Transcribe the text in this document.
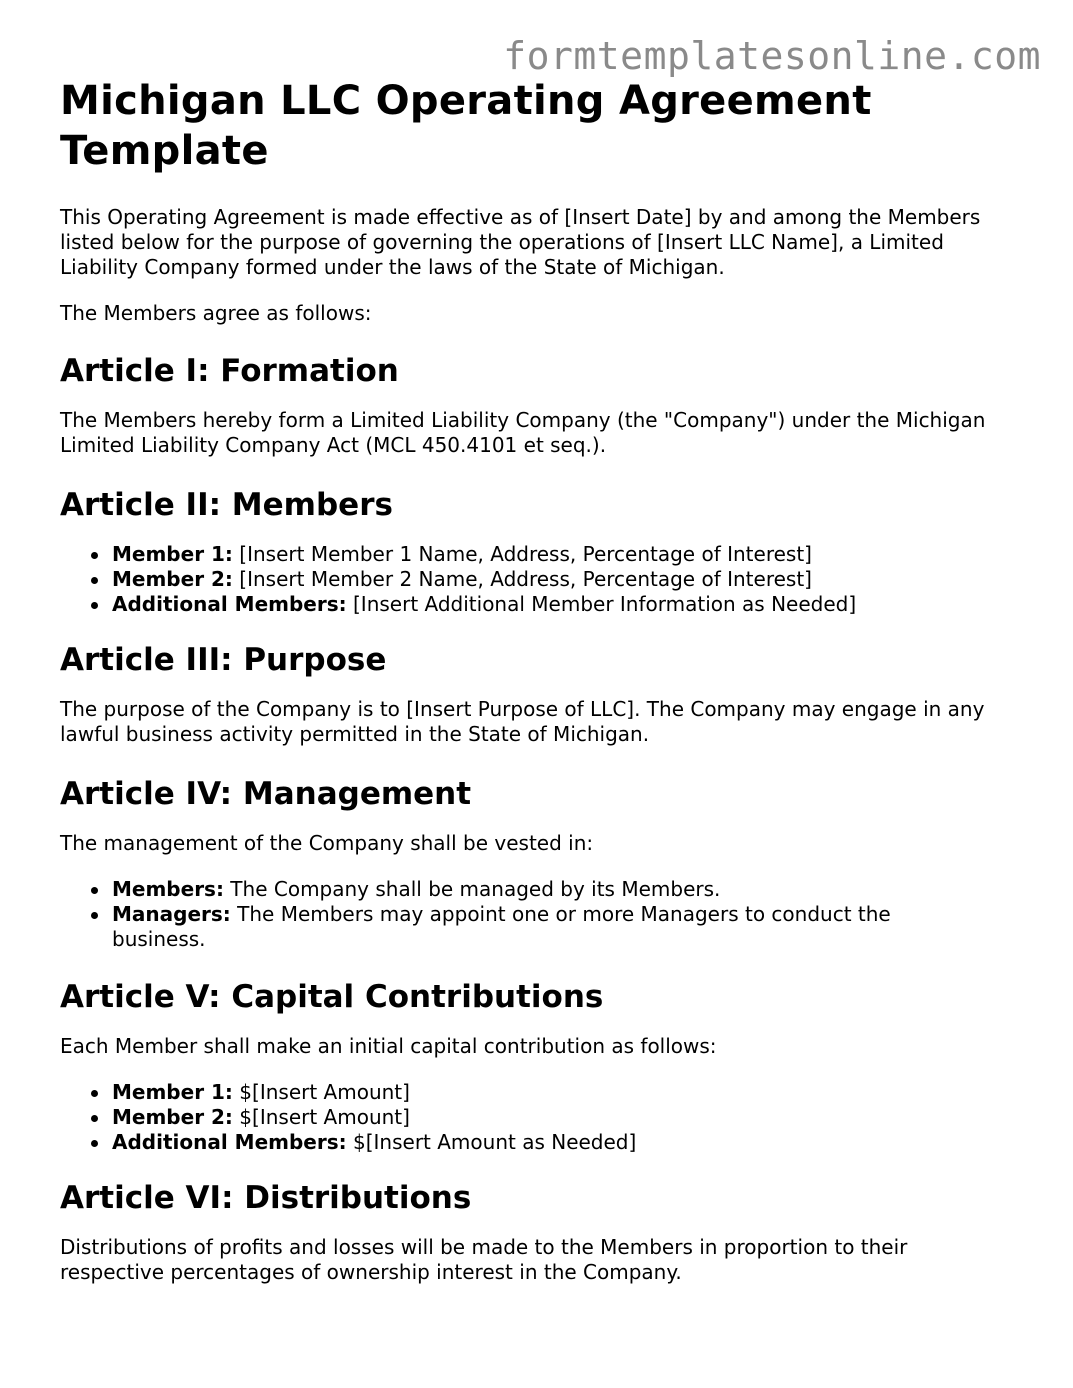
formtemplatesonline.com
Michigan LLC Operating Agreement Template

This Operating Agreement is made effective as of [Insert Date] by and among the Members listed below for the purpose of governing the operations of [Insert LLC Name], a Limited Liability Company formed under the laws of the State of Michigan.

The Members agree as follows:

Article I: Formation

The Members hereby form a Limited Liability Company (the "Company") under the Michigan Limited Liability Company Act (MCL 450.4101 et seq.).

Article II: Members
Member 1: [Insert Member 1 Name, Address, Percentage of Interest]
Member 2: [Insert Member 2 Name, Address, Percentage of Interest]
Additional Members: [Insert Additional Member Information as Needed]
Article III: Purpose

The purpose of the Company is to [Insert Purpose of LLC]. The Company may engage in any lawful business activity permitted in the State of Michigan.

Article IV: Management

The management of the Company shall be vested in:

Members: The Company shall be managed by its Members.
Managers: The Members may appoint one or more Managers to conduct the business.
Article V: Capital Contributions

Each Member shall make an initial capital contribution as follows:

Member 1: $[Insert Amount]
Member 2: $[Insert Amount]
Additional Members: $[Insert Amount as Needed]
Article VI: Distributions

Distributions of profits and losses will be made to the Members in proportion to their respective percentages of ownership interest in the Company.
